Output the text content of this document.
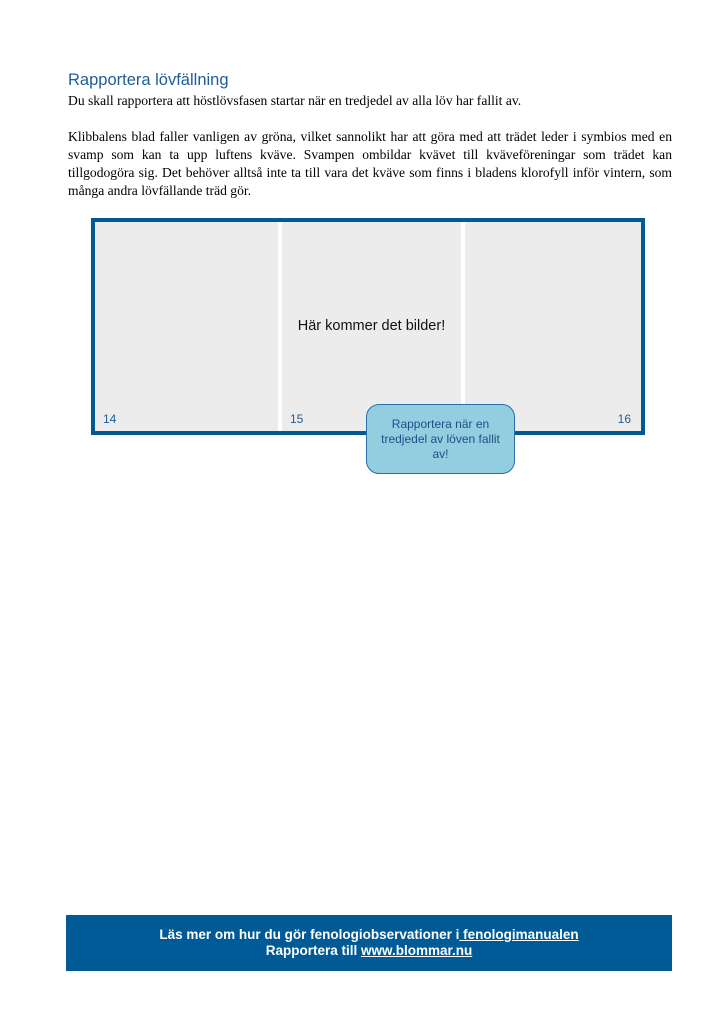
Rapportera lövfällning
Du skall rapportera att höstlövsfasen startar när en tredjedel av alla löv har fallit av.
Klibbalens blad faller vanligen av gröna, vilket sannolikt har att göra med att trädet leder i symbios med en svamp som kan ta upp luftens kväve. Svampen ombildar kvävet till kväveföreningar som trädet kan tillgodogöra sig. Det behöver alltså inte ta till vara det kväve som finns i bladens klorofyll inför vintern, som många andra lövfällande träd gör.
14
Här kommer det bilder!
15	16
Rapportera när en tredjedel av löven fallit av!
Läs mer om hur du gör fenologiobservationer i fenologimanualen
Rapportera till www.blommar.nu
